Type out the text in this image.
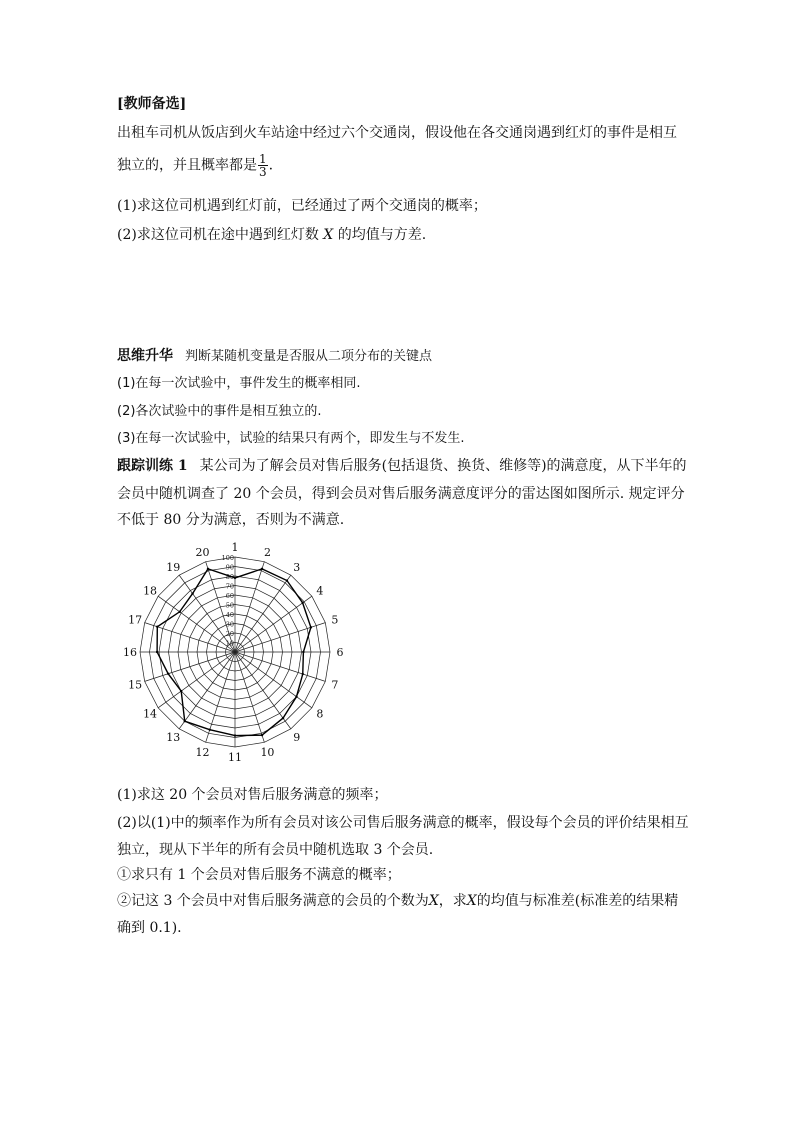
[教师备选]
出租车司机从饭店到火车站途中经过六个交通岗，假设他在各交通岗遇到红灯的事件是相互
独立的，并且概率都是 $\frac{1}{3}$ .
(1)求这位司机遇到红灯前，已经通过了两个交通岗的概率；
(2)求这位司机在途中遇到红灯数 X 的均值与方差.
思维升华 判断某随机变量是否服从二项分布的关键点
(1)在每一次试验中，事件发生的概率相同.
(2)各次试验中的事件是相互独立的.
(3)在每一次试验中，试验的结果只有两个，即发生与不发生.
跟踪训练 1 某公司为了解会员对售后服务(包括退货、换货、维修等)的满意度，从下半年的
会员中随机调查了 20 个会员，得到会员对售后服务满意度评分的雷达图如图所示. 规定评分
不低于 80 分为满意，否则为不满意.
10
20
30
40
50
60
70
80
90
100
1 2
3
4
5
6
7
8
9
10
11
12
13
14
15
16
17
18
19
20
(1)求这 20 个会员对售后服务满意的频率；
(2)以(1)中的频率作为所有会员对该公司售后服务满意的概率，假设每个会员的评价结果相互
独立，现从下半年的所有会员中随机选取 3 个会员.
①求只有 1 个会员对售后服务不满意的概率；
②记这 3 个会员中对售后服务满意的会员的个数为X，求X的均值与标准差(标准差的结果精
确到 0.1).
